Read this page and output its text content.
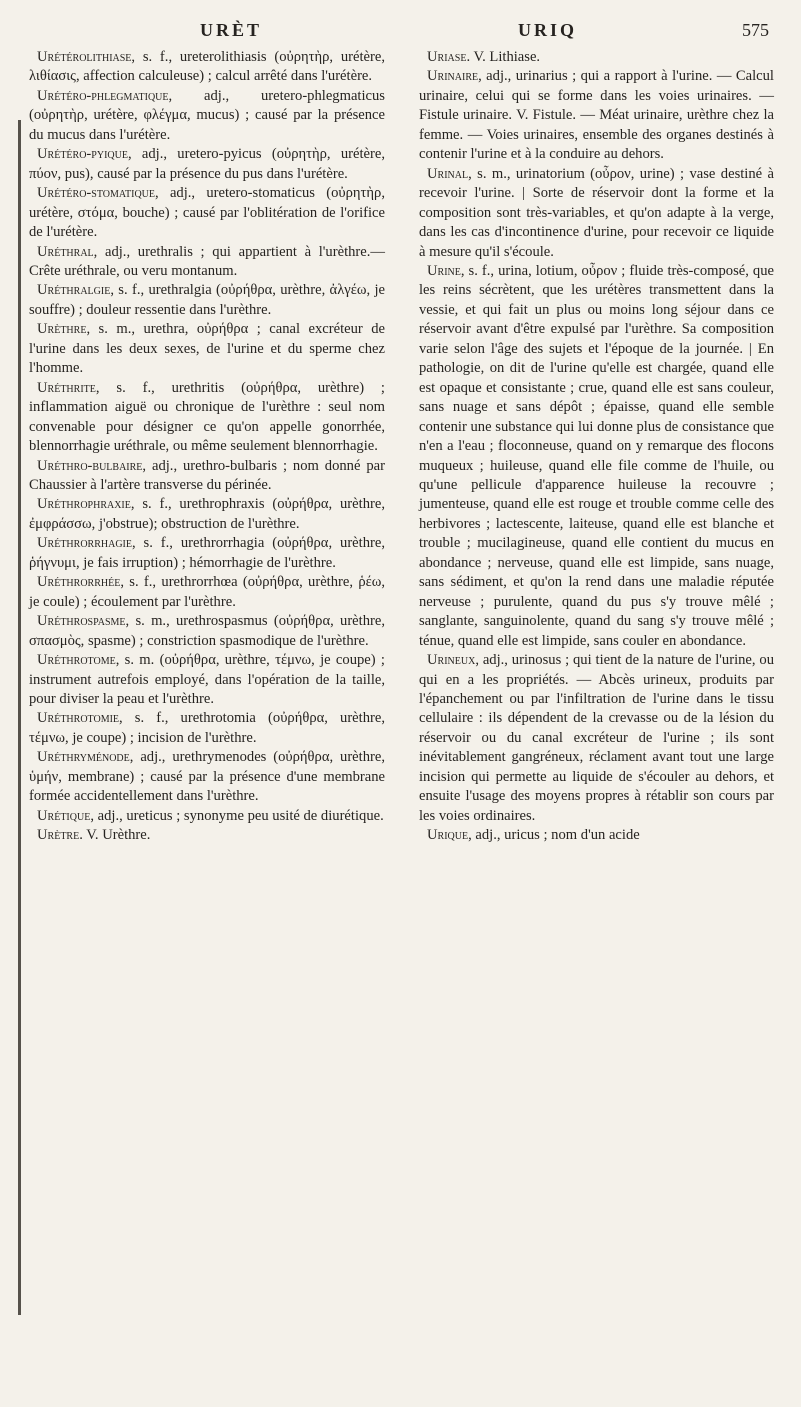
URÈT	URIQ	575

Urétérolithiase, s. f., ureterolithiasis (οὐρητὴρ, urétère, λιθίασις, affection calculeuse) ; calcul arrêté dans l'urétère.

Urétéro-phlegmatique, adj., uretero-phlegmaticus (οὐρητὴρ, urétère, φλέγμα, mucus) ; causé par la présence du mucus dans l'urétère.

Urétéro-pyique, adj., uretero-pyicus (οὐρητὴρ, urétère, πύον, pus), causé par la présence du pus dans l'urétère.

Urétéro-stomatique, adj., uretero-stomaticus (οὐρητὴρ, urétère, στόμα, bouche) ; causé par l'oblitération de l'orifice de l'urétère.

Uréthral, adj., urethralis ; qui appartient à l'urèthre.—Crête uréthrale, ou veru montanum.

Uréthralgie, s. f., urethralgia (οὐρήθρα, urèthre, ἀλγέω, je souffre) ; douleur ressentie dans l'urèthre.

Urèthre, s. m., urethra, οὐρήθρα ; canal excréteur de l'urine dans les deux sexes, de l'urine et du sperme chez l'homme.

Uréthrite, s. f., urethritis (οὐρήθρα, urèthre) ; inflammation aiguë ou chronique de l'urèthre : seul nom convenable pour désigner ce qu'on appelle gonorrhée, blennorrhagie uréthrale, ou même seulement blennorrhagie.

Uréthro-bulbaire, adj., urethro-bulbaris ; nom donné par Chaussier à l'artère transverse du périnée.

Uréthrophraxie, s. f., urethrophraxis (οὐρήθρα, urèthre, ἐμφράσσω, j'obstrue); obstruction de l'urèthre.

Uréthrorrhagie, s. f., urethrorrhagia (οὐρήθρα, urèthre, ῥήγνυμι, je fais irruption) ; hémorrhagie de l'urèthre.

Uréthrorrhée, s. f., urethrorrhœa (οὐρήθρα, urèthre, ῥέω, je coule) ; écoulement par l'urèthre.

Uréthrospasme, s. m., urethrospasmus (οὐρήθρα, urèthre, σπασμὸς, spasme) ; constriction spasmodique de l'urèthre.

Uréthrotome, s. m. (οὐρήθρα, urèthre, τέμνω, je coupe) ; instrument autrefois employé, dans l'opération de la taille, pour diviser la peau et l'urèthre.

Uréthrotomie, s. f., urethrotomia (οὐρήθρα, urèthre, τέμνω, je coupe) ; incision de l'urèthre.

Uréthryménode, adj., urethrymenodes (οὐρήθρα, urèthre, ὑμήν, membrane) ; causé par la présence d'une membrane formée accidentellement dans l'urèthre.

Urétique, adj., ureticus ; synonyme peu usité de diurétique.

Urètre. V. Urèthre.

Uriase. V. Lithiase.

Urinaire, adj., urinarius ; qui a rapport à l'urine. — Calcul urinaire, celui qui se forme dans les voies urinaires. — Fistule urinaire. V. Fistule. — Méat urinaire, urèthre chez la femme. — Voies urinaires, ensemble des organes destinés à contenir l'urine et à la conduire au dehors.

Urinal, s. m., urinatorium (οὖρον, urine) ; vase destiné à recevoir l'urine. | Sorte de réservoir dont la forme et la composition sont très-variables, et qu'on adapte à la verge, dans les cas d'incontinence d'urine, pour recevoir ce liquide à mesure qu'il s'écoule.

Urine, s. f., urina, lotium, οὖρον ; fluide très-composé, que les reins sécrètent, que les urétères transmettent dans la vessie, et qui fait un plus ou moins long séjour dans ce réservoir avant d'être expulsé par l'urèthre. Sa composition varie selon l'âge des sujets et l'époque de la journée. | En pathologie, on dit de l'urine qu'elle est chargée, quand elle est opaque et consistante ; crue, quand elle est sans couleur, sans nuage et sans dépôt ; épaisse, quand elle semble contenir une substance qui lui donne plus de consistance que n'en a l'eau ; floconneuse, quand on y remarque des flocons muqueux ; huileuse, quand elle file comme de l'huile, ou qu'une pellicule d'apparence huileuse la recouvre ; jumenteuse, quand elle est rouge et trouble comme celle des herbivores ; lactescente, laiteuse, quand elle est blanche et trouble ; mucilagineuse, quand elle contient du mucus en abondance ; nerveuse, quand elle est limpide, sans nuage, sans sédiment, et qu'on la rend dans une maladie réputée nerveuse ; purulente, quand du pus s'y trouve mêlé ; sanglante, sanguinolente, quand du sang s'y trouve mêlé ; ténue, quand elle est limpide, sans couler en abondance.

Urineux, adj., urinosus ; qui tient de la nature de l'urine, ou qui en a les propriétés. — Abcès urineux, produits par l'épanchement ou par l'infiltration de l'urine dans le tissu cellulaire : ils dépendent de la crevasse ou de la lésion du réservoir ou du canal excréteur de l'urine ; ils sont inévitablement gangréneux, réclament avant tout une large incision qui permette au liquide de s'écouler au dehors, et ensuite l'usage des moyens propres à rétablir son cours par les voies ordinaires.

Urique, adj., uricus ; nom d'un acide
